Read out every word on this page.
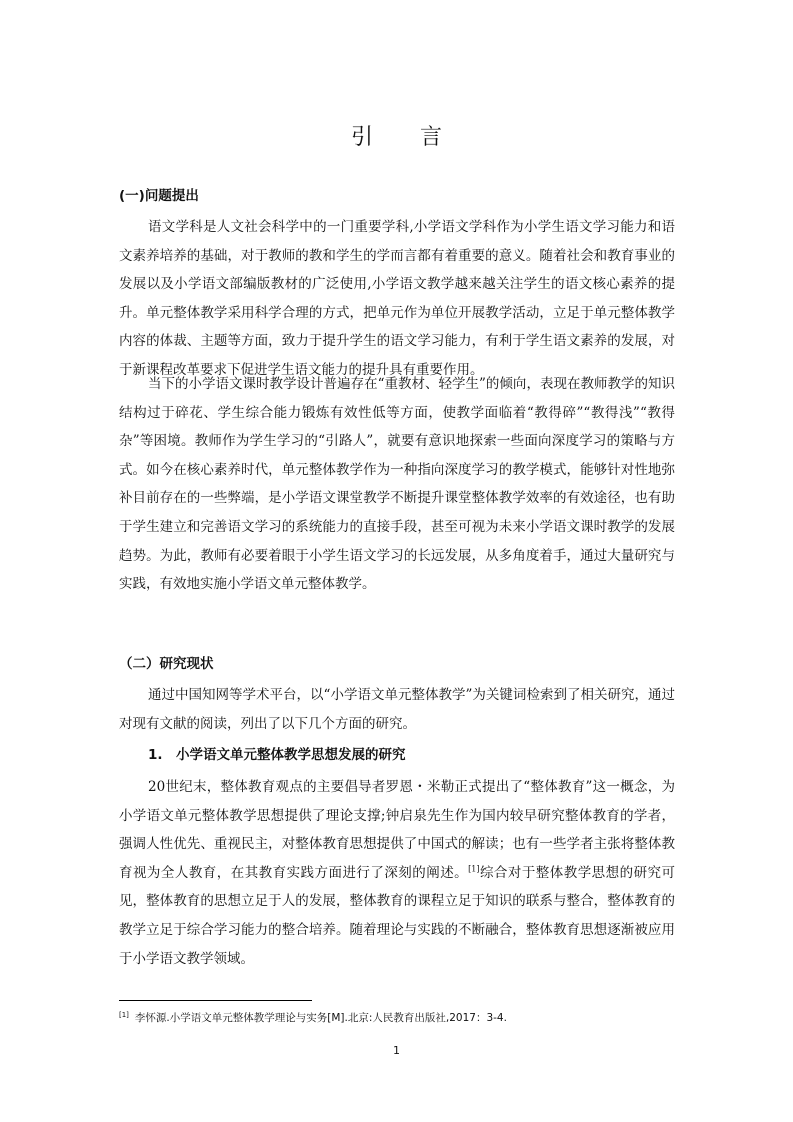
引 言
(一)问题提出

语文学科是人文社会科学中的一门重要学科,小学语文学科作为小学生语文学习能力和语文素养培养的基础，对于教师的教和学生的学而言都有着重要的意义。随着社会和教育事业的发展以及小学语文部编版教材的广泛使用,小学语文教学越来越关注学生的语文核心素养的提升。单元整体教学采用科学合理的方式，把单元作为单位开展教学活动，立足于单元整体教学内容的体裁、主题等方面，致力于提升学生的语文学习能力，有利于学生语文素养的发展，对于新课程改革要求下促进学生语文能力的提升具有重要作用。

当下的小学语文课时教学设计普遍存在“重教材、轻学生”的倾向，表现在教师教学的知识结构过于碎花、学生综合能力锻炼有效性低等方面，使教学面临着“教得碎”“教得浅”“教得杂”等困境。教师作为学生学习的“引路人”，就要有意识地探索一些面向深度学习的策略与方式。如今在核心素养时代，单元整体教学作为一种指向深度学习的教学模式，能够针对性地弥补目前存在的一些弊端，是小学语文课堂教学不断提升课堂整体教学效率的有效途径，也有助于学生建立和完善语文学习的系统能力的直接手段，甚至可视为未来小学语文课时教学的发展趋势。为此，教师有必要着眼于小学生语文学习的长远发展，从多角度着手，通过大量研究与实践，有效地实施小学语文单元整体教学。

（二）研究现状

通过中国知网等学术平台，以“小学语文单元整体教学”为关键词检索到了相关研究，通过对现有文献的阅读，列出了以下几个方面的研究。

1. 小学语文单元整体教学思想发展的研究

20世纪末，整体教育观点的主要倡导者罗恩・米勒正式提出了“整体教育”这一概念，为小学语文单元整体教学思想提供了理论支撑;钟启泉先生作为国内较早研究整体教育的学者，强调人性优先、重视民主，对整体教育思想提供了中国式的解读；也有一些学者主张将整体教育视为全人教育，在其教育实践方面进行了深刻的阐述。[1]综合对于整体教学思想的研究可见，整体教育的思想立足于人的发展，整体教育的课程立足于知识的联系与整合，整体教育的教学立足于综合学习能力的整合培养。随着理论与实践的不断融合，整体教育思想逐渐被应用于小学语文教学领域。

[1] 李怀源.小学语文单元整体教学理论与实务[M].北京:人民教育出版社,2017：3-4.
1
